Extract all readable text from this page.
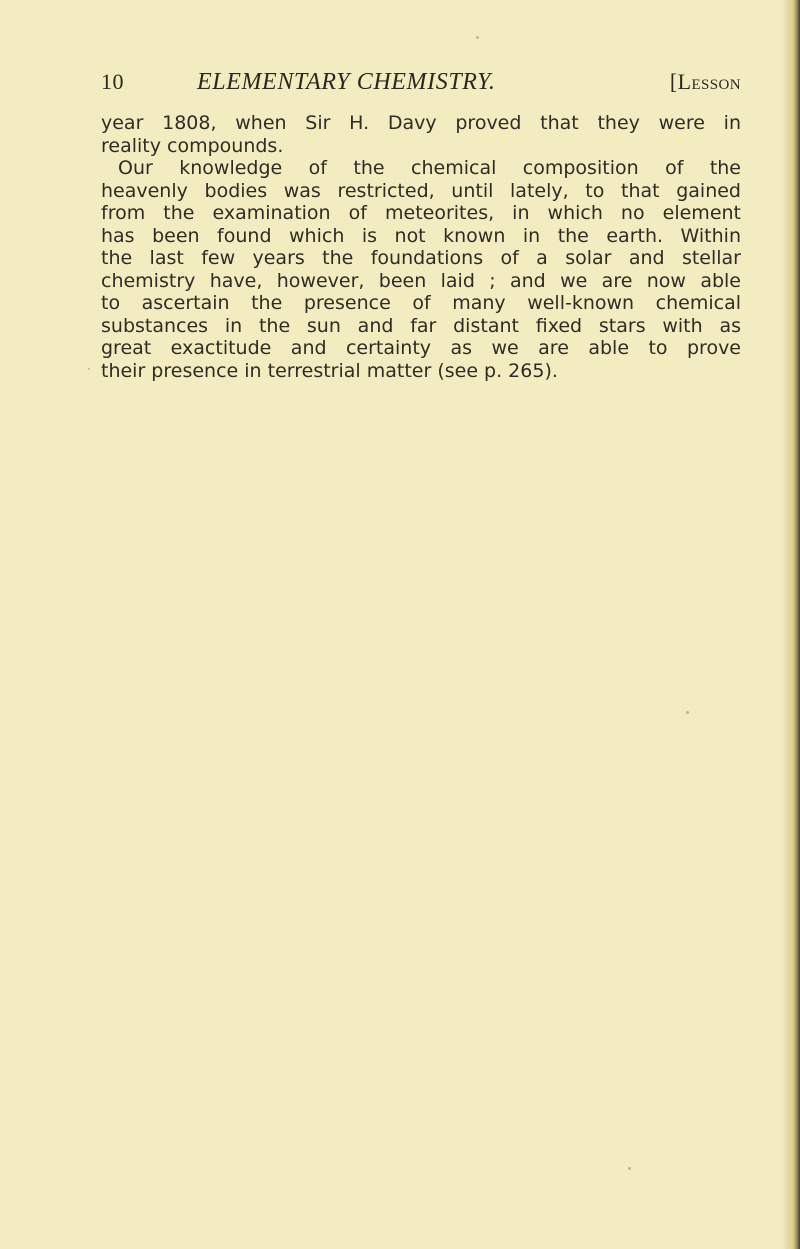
10	ELEMENTARY CHEMISTRY.	[Lesson
year 1808, when Sir H. Davy proved that they were in
reality compounds.
Our knowledge of the chemical composition of the
heavenly bodies was restricted, until lately, to that gained
from the examination of meteorites, in which no element
has been found which is not known in the earth. Within
the last few years the foundations of a solar and stellar
chemistry have, however, been laid ; and we are now able
to ascertain the presence of many well-known chemical
substances in the sun and far distant fixed stars with as
great exactitude and certainty as we are able to prove
their presence in terrestrial matter (see p. 265).
